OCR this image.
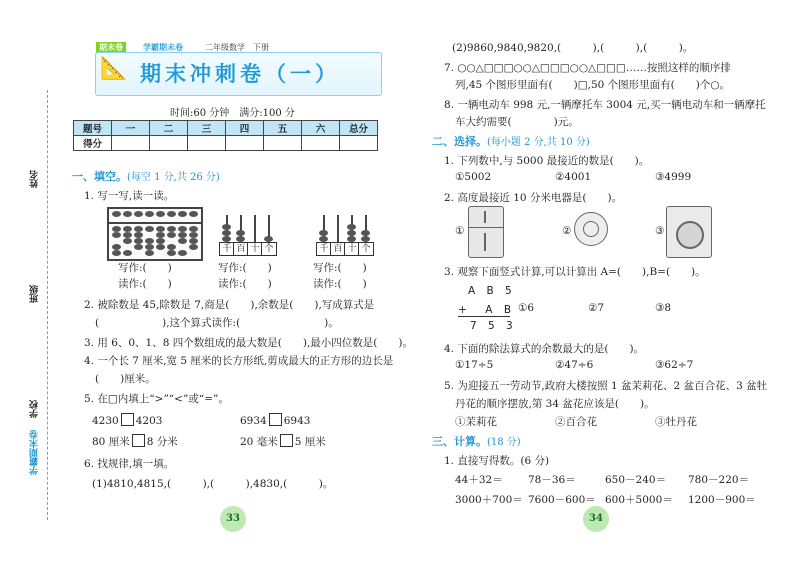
姓名
班级
学校
学霸期末卷
期末卷	学霸期末卷	二年级数学 下册
📐 期末冲刺卷（一）
时间:60 分钟　满分:100 分
题号	一	二	三	四	五	六	总分
得分							
一、填空。(每空 1 分,共 26 分)
1. 写一写,读一读。
千 百 十 个	千 百 十 个
写作:(　　)
读作:(　　)
写作:(　　)
读作:(　　)
写作:(　　)
读作:(　　)
2. 被除数是 45,除数是 7,商是(　　),余数是(　　),写成算式是
(　　　　　　),这个算式读作:(　　　　　　　　)。
3. 用 6、0、1、8 四个数组成的最大数是(　　),最小四位数是(　　)。
4. 一个长 7 厘米,宽 5 厘米的长方形纸,剪成最大的正方形的边长是
(　　)厘米。
5. 在□内填上“>”“<”或“=”。
4230 4203	6934 6943
80 厘米 8 分米	20 毫米 5 厘米
6. 找规律,填一填。
(1)4810,4815,(　　　),(　　　),4830,(　　　)。
33
(2)9860,9840,9820,(　　　),(　　　),(　　　)。
7. ○○△□□□○○△□□□○○△□□□……按照这样的顺序排
列,45 个图形里面有(　　)□,50 个图形里面有(　　)个○。
8. 一辆电动车 998 元,一辆摩托车 3004 元,买一辆电动车和一辆摩托
车大约需要(　　　　)元。
二、选择。(每小题 2 分,共 10 分)
1. 下列数中,与 5000 最接近的数是(　　)。
①5002	②4001	③4999
2. 高度最接近 10 分米电器是(　　)。
①	②	③
3. 观察下面竖式计算,可以计算出 A=(　　),B=(　　)。
A B 5
+　A B
7 5 3
①6	②7	③8
4. 下面的除法算式的余数最大的是(　　)。
①17÷5	②47÷6	③62÷7
5. 为迎接五一劳动节,政府大楼按照 1 盆茉莉花、2 盆百合花、3 盆牡
丹花的顺序摆放,第 34 盆花应该是(　　)。
①茉莉花	②百合花	③牡丹花
三、计算。(18 分)
1. 直接写得数。(6 分)
44＋32＝ 78－36＝	650－240＝ 780－220＝
3000＋700＝ 7600－600＝ 600＋5000＝ 1200－900＝
34
